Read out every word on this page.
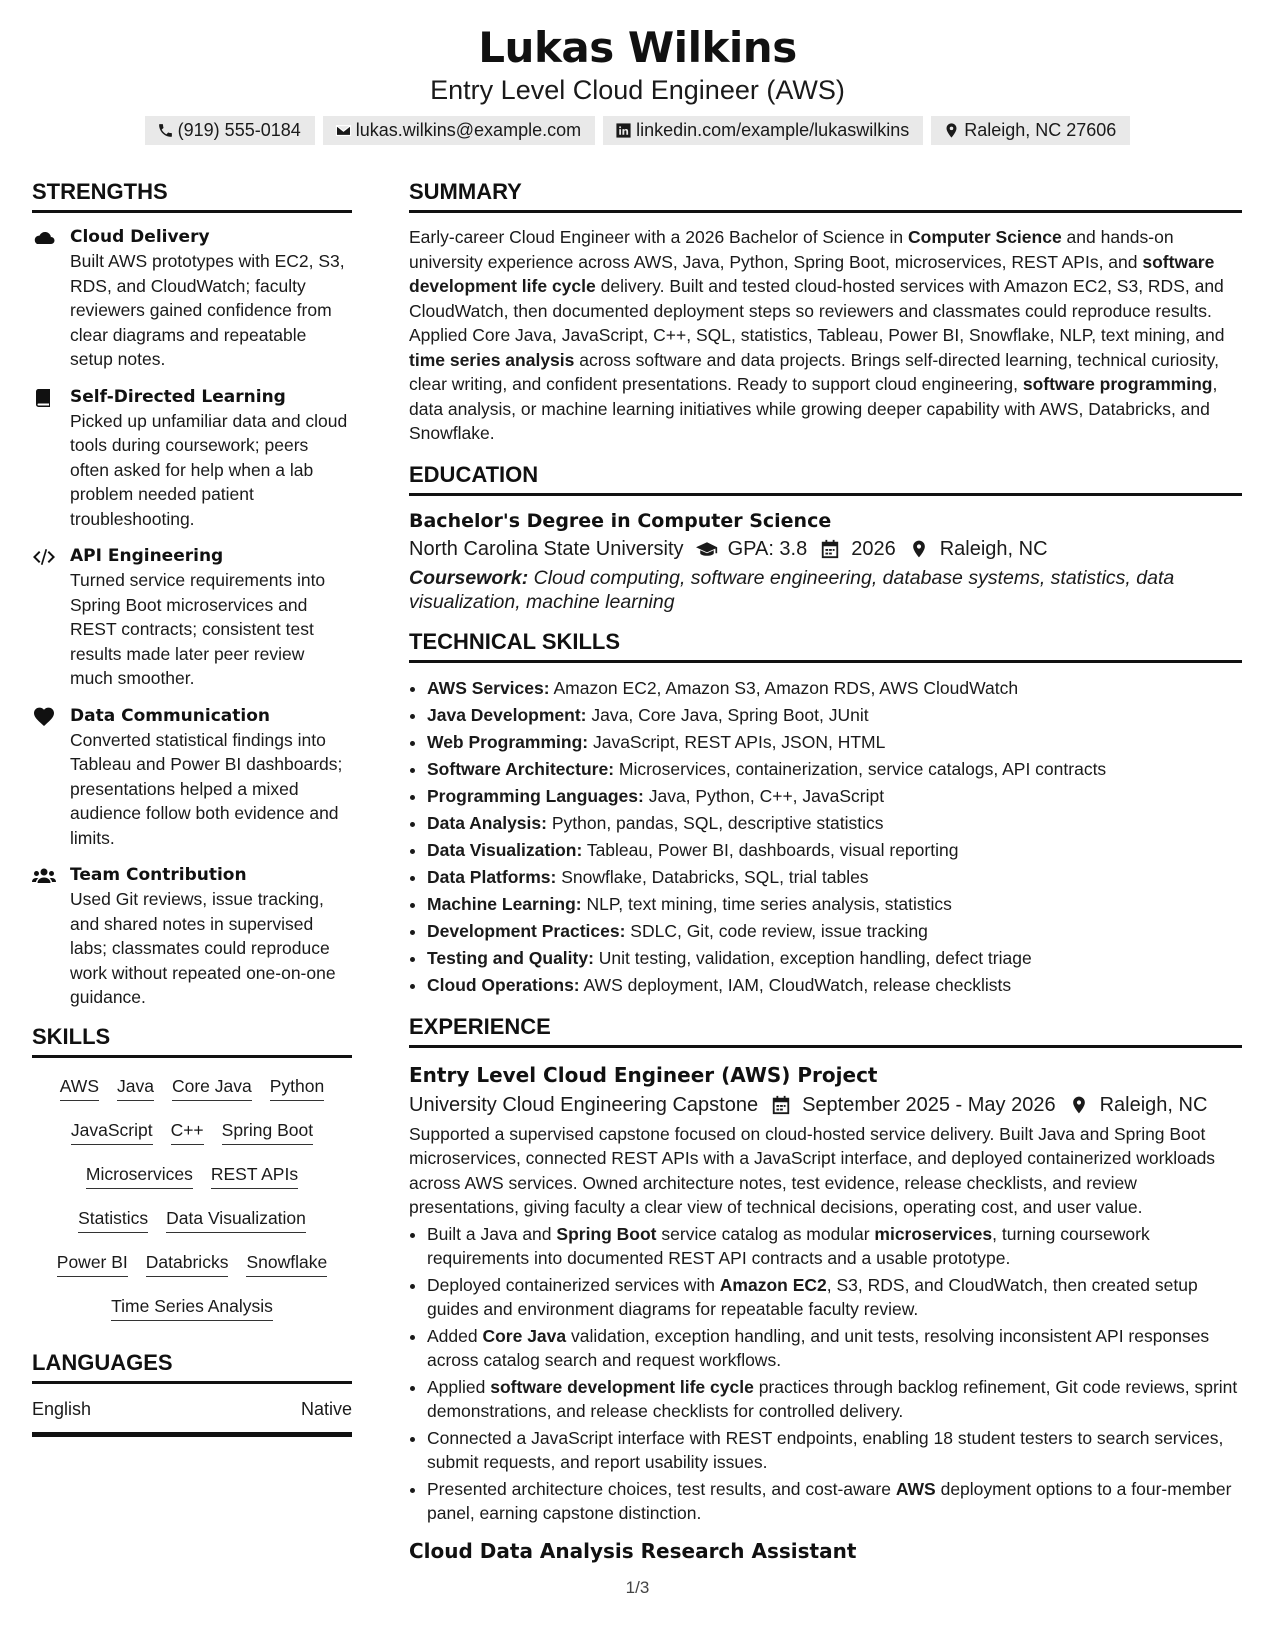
Lukas Wilkins
Entry Level Cloud Engineer (AWS)
(919) 555-0184	lukas.wilkins@example.com	linkedin.com/example/lukaswilkins	Raleigh, NC 27606
STRENGTHS
Cloud Delivery
Built AWS prototypes with EC2, S3, RDS, and CloudWatch; faculty reviewers gained confidence from clear diagrams and repeatable setup notes.
Self-Directed Learning
Picked up unfamiliar data and cloud tools during coursework; peers often asked for help when a lab problem needed patient troubleshooting.
API Engineering
Turned service requirements into Spring Boot microservices and REST contracts; consistent test results made later peer review much smoother.
Data Communication
Converted statistical findings into Tableau and Power BI dashboards; presentations helped a mixed audience follow both evidence and limits.
Team Contribution
Used Git reviews, issue tracking, and shared notes in supervised labs; classmates could reproduce work without repeated one-on-one guidance.
SKILLS
AWS Java Core Java Python
JavaScript C++ Spring Boot
Microservices REST APIs
Statistics Data Visualization
Power BI Databricks Snowflake
Time Series Analysis
LANGUAGES
English	Native
SUMMARY

Early-career Cloud Engineer with a 2026 Bachelor of Science in Computer Science and hands-on university experience across AWS, Java, Python, Spring Boot, microservices, REST APIs, and software development life cycle delivery. Built and tested cloud-hosted services with Amazon EC2, S3, RDS, and CloudWatch, then documented deployment steps so reviewers and classmates could reproduce results. Applied Core Java, JavaScript, C++, SQL, statistics, Tableau, Power BI, Snowflake, NLP, text mining, and time series analysis across software and data projects. Brings self-directed learning, technical curiosity, clear writing, and confident presentations. Ready to support cloud engineering, software programming, data analysis, or machine learning initiatives while growing deeper capability with AWS, Databricks, and Snowflake.

EDUCATION
Bachelor's Degree in Computer Science
North Carolina State University GPA: 3.8 2026 Raleigh, NC
Coursework: Cloud computing, software engineering, database systems, statistics, data visualization, machine learning
TECHNICAL SKILLS
• AWS Services: Amazon EC2, Amazon S3, Amazon RDS, AWS CloudWatch
• Java Development: Java, Core Java, Spring Boot, JUnit
• Web Programming: JavaScript, REST APIs, JSON, HTML
• Software Architecture: Microservices, containerization, service catalogs, API contracts
• Programming Languages: Java, Python, C++, JavaScript
• Data Analysis: Python, pandas, SQL, descriptive statistics
• Data Visualization: Tableau, Power BI, dashboards, visual reporting
• Data Platforms: Snowflake, Databricks, SQL, trial tables
• Machine Learning: NLP, text mining, time series analysis, statistics
• Development Practices: SDLC, Git, code review, issue tracking
• Testing and Quality: Unit testing, validation, exception handling, defect triage
• Cloud Operations: AWS deployment, IAM, CloudWatch, release checklists
EXPERIENCE
Entry Level Cloud Engineer (AWS) Project
University Cloud Engineering Capstone September 2025 - May 2026 Raleigh, NC

Supported a supervised capstone focused on cloud-hosted service delivery. Built Java and Spring Boot microservices, connected REST APIs with a JavaScript interface, and deployed containerized workloads across AWS services. Owned architecture notes, test evidence, release checklists, and review presentations, giving faculty a clear view of technical decisions, operating cost, and user value.

• Built a Java and Spring Boot service catalog as modular microservices, turning coursework requirements into documented REST API contracts and a usable prototype.
• Deployed containerized services with Amazon EC2, S3, RDS, and CloudWatch, then created setup guides and environment diagrams for repeatable faculty review.
• Added Core Java validation, exception handling, and unit tests, resolving inconsistent API responses across catalog search and request workflows.
• Applied software development life cycle practices through backlog refinement, Git code reviews, sprint demonstrations, and release checklists for controlled delivery.
• Connected a JavaScript interface with REST endpoints, enabling 18 student testers to search services, submit requests, and report usability issues.
• Presented architecture choices, test results, and cost-aware AWS deployment options to a four-member panel, earning capstone distinction.
Cloud Data Analysis Research Assistant
1/3
